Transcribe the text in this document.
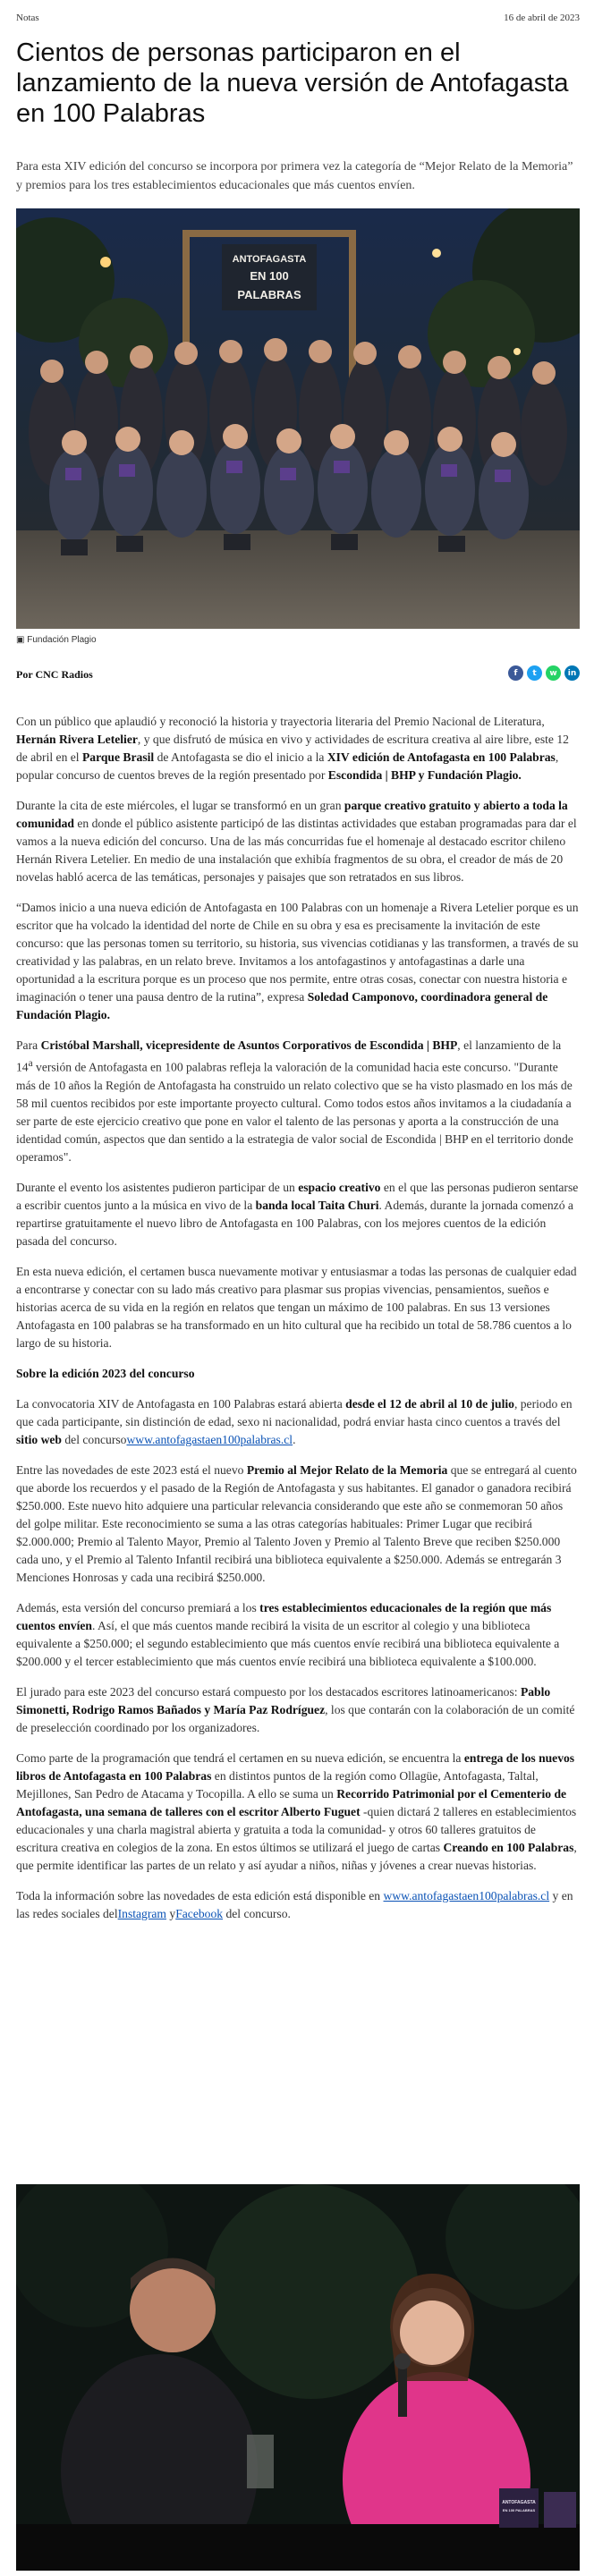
Notas	16 de abril de 2023
Cientos de personas participaron en el lanzamiento de la nueva versión de Antofagasta en 100 Palabras

Para esta XIV edición del concurso se incorpora por primera vez la categoría de “Mejor Relato de la Memoria” y premios para los tres establecimientos educacionales que más cuentos envíen.

ANTOFAGASTA
EN 100
PALABRAS
▣ Fundación Plagio
Por CNC Radios	f	t	w	in

Con un público que aplaudió y reconoció la historia y trayectoria literaria del Premio Nacional de Literatura, Hernán Rivera Letelier, y que disfrutó de música en vivo y actividades de escritura creativa al aire libre, este 12 de abril en el Parque Brasil de Antofagasta se dio el inicio a la XIV edición de Antofagasta en 100 Palabras, popular concurso de cuentos breves de la región presentado por Escondida | BHP y Fundación Plagio.

Durante la cita de este miércoles, el lugar se transformó en un gran parque creativo gratuito y abierto a toda la comunidad en donde el público asistente participó de las distintas actividades que estaban programadas para dar el vamos a la nueva edición del concurso. Una de las más concurridas fue el homenaje al destacado escritor chileno Hernán Rivera Letelier. En medio de una instalación que exhibía fragmentos de su obra, el creador de más de 20 novelas habló acerca de las temáticas, personajes y paisajes que son retratados en sus libros.

“Damos inicio a una nueva edición de Antofagasta en 100 Palabras con un homenaje a Rivera Letelier porque es un escritor que ha volcado la identidad del norte de Chile en su obra y esa es precisamente la invitación de este concurso: que las personas tomen su territorio, su historia, sus vivencias cotidianas y las transformen, a través de su creatividad y las palabras, en un relato breve. Invitamos a los antofagastinos y antofagastinas a darle una oportunidad a la escritura porque es un proceso que nos permite, entre otras cosas, conectar con nuestra historia e imaginación o tener una pausa dentro de la rutina”, expresa Soledad Camponovo, coordinadora general de Fundación Plagio.

Para Cristóbal Marshall, vicepresidente de Asuntos Corporativos de Escondida | BHP, el lanzamiento de la 14$^a$ versión de Antofagasta en 100 palabras refleja la valoración de la comunidad hacia este concurso. "Durante más de 10 años la Región de Antofagasta ha construido un relato colectivo que se ha visto plasmado en los más de 58 mil cuentos recibidos por este importante proyecto cultural. Como todos estos años invitamos a la ciudadanía a ser parte de este ejercicio creativo que pone en valor el talento de las personas y aporta a la construcción de una identidad común, aspectos que dan sentido a la estrategia de valor social de Escondida | BHP en el territorio donde operamos".

Durante el evento los asistentes pudieron participar de un espacio creativo en el que las personas pudieron sentarse a escribir cuentos junto a la música en vivo de la banda local Taita Churi. Además, durante la jornada comenzó a repartirse gratuitamente el nuevo libro de Antofagasta en 100 Palabras, con los mejores cuentos de la edición pasada del concurso.

En esta nueva edición, el certamen busca nuevamente motivar y entusiasmar a todas las personas de cualquier edad a encontrarse y conectar con su lado más creativo para plasmar sus propias vivencias, pensamientos, sueños e historias acerca de su vida en la región en relatos que tengan un máximo de 100 palabras. En sus 13 versiones Antofagasta en 100 palabras se ha transformado en un hito cultural que ha recibido un total de 58.786 cuentos a lo largo de su historia.

Sobre la edición 2023 del concurso

La convocatoria XIV de Antofagasta en 100 Palabras estará abierta desde el 12 de abril al 10 de julio, periodo en que cada participante, sin distinción de edad, sexo ni nacionalidad, podrá enviar hasta cinco cuentos a través del sitio web del concursowww.antofagastaen100palabras.cl.

Entre las novedades de este 2023 está el nuevo Premio al Mejor Relato de la Memoria que se entregará al cuento que aborde los recuerdos y el pasado de la Región de Antofagasta y sus habitantes. El ganador o ganadora recibirá $250.000. Este nuevo hito adquiere una particular relevancia considerando que este año se conmemoran 50 años del golpe militar. Este reconocimiento se suma a las otras categorías habituales: Primer Lugar que recibirá $2.000.000; Premio al Talento Mayor, Premio al Talento Joven y Premio al Talento Breve que reciben $250.000 cada uno, y el Premio al Talento Infantil recibirá una biblioteca equivalente a $250.000. Además se entregarán 3 Menciones Honrosas y cada una recibirá $250.000.

Además, esta versión del concurso premiará a los tres establecimientos educacionales de la región que más cuentos envíen. Así, el que más cuentos mande recibirá la visita de un escritor al colegio y una biblioteca equivalente a $250.000; el segundo establecimiento que más cuentos envíe recibirá una biblioteca equivalente a $200.000 y el tercer establecimiento que más cuentos envíe recibirá una biblioteca equivalente a $100.000.

El jurado para este 2023 del concurso estará compuesto por los destacados escritores latinoamericanos: Pablo Simonetti, Rodrigo Ramos Bañados y María Paz Rodríguez, los que contarán con la colaboración de un comité de preselección coordinado por los organizadores.

Como parte de la programación que tendrá el certamen en su nueva edición, se encuentra la entrega de los nuevos libros de Antofagasta en 100 Palabras en distintos puntos de la región como Ollagüe, Antofagasta, Taltal, Mejillones, San Pedro de Atacama y Tocopilla. A ello se suma un Recorrido Patrimonial por el Cementerio de Antofagasta, una semana de talleres con el escritor Alberto Fuguet -quien dictará 2 talleres en establecimientos educacionales y una charla magistral abierta y gratuita a toda la comunidad- y otros 60 talleres gratuitos de escritura creativa en colegios de la zona. En estos últimos se utilizará el juego de cartas Creando en 100 Palabras, que permite identificar las partes de un relato y así ayudar a niños, niñas y jóvenes a crear nuevas historias.

Toda la información sobre las novedades de esta edición está disponible en www.antofagastaen100palabras.cl y en las redes sociales delInstagram yFacebook del concurso.

ANTOFAGASTA
EN 100 PALABRAS
